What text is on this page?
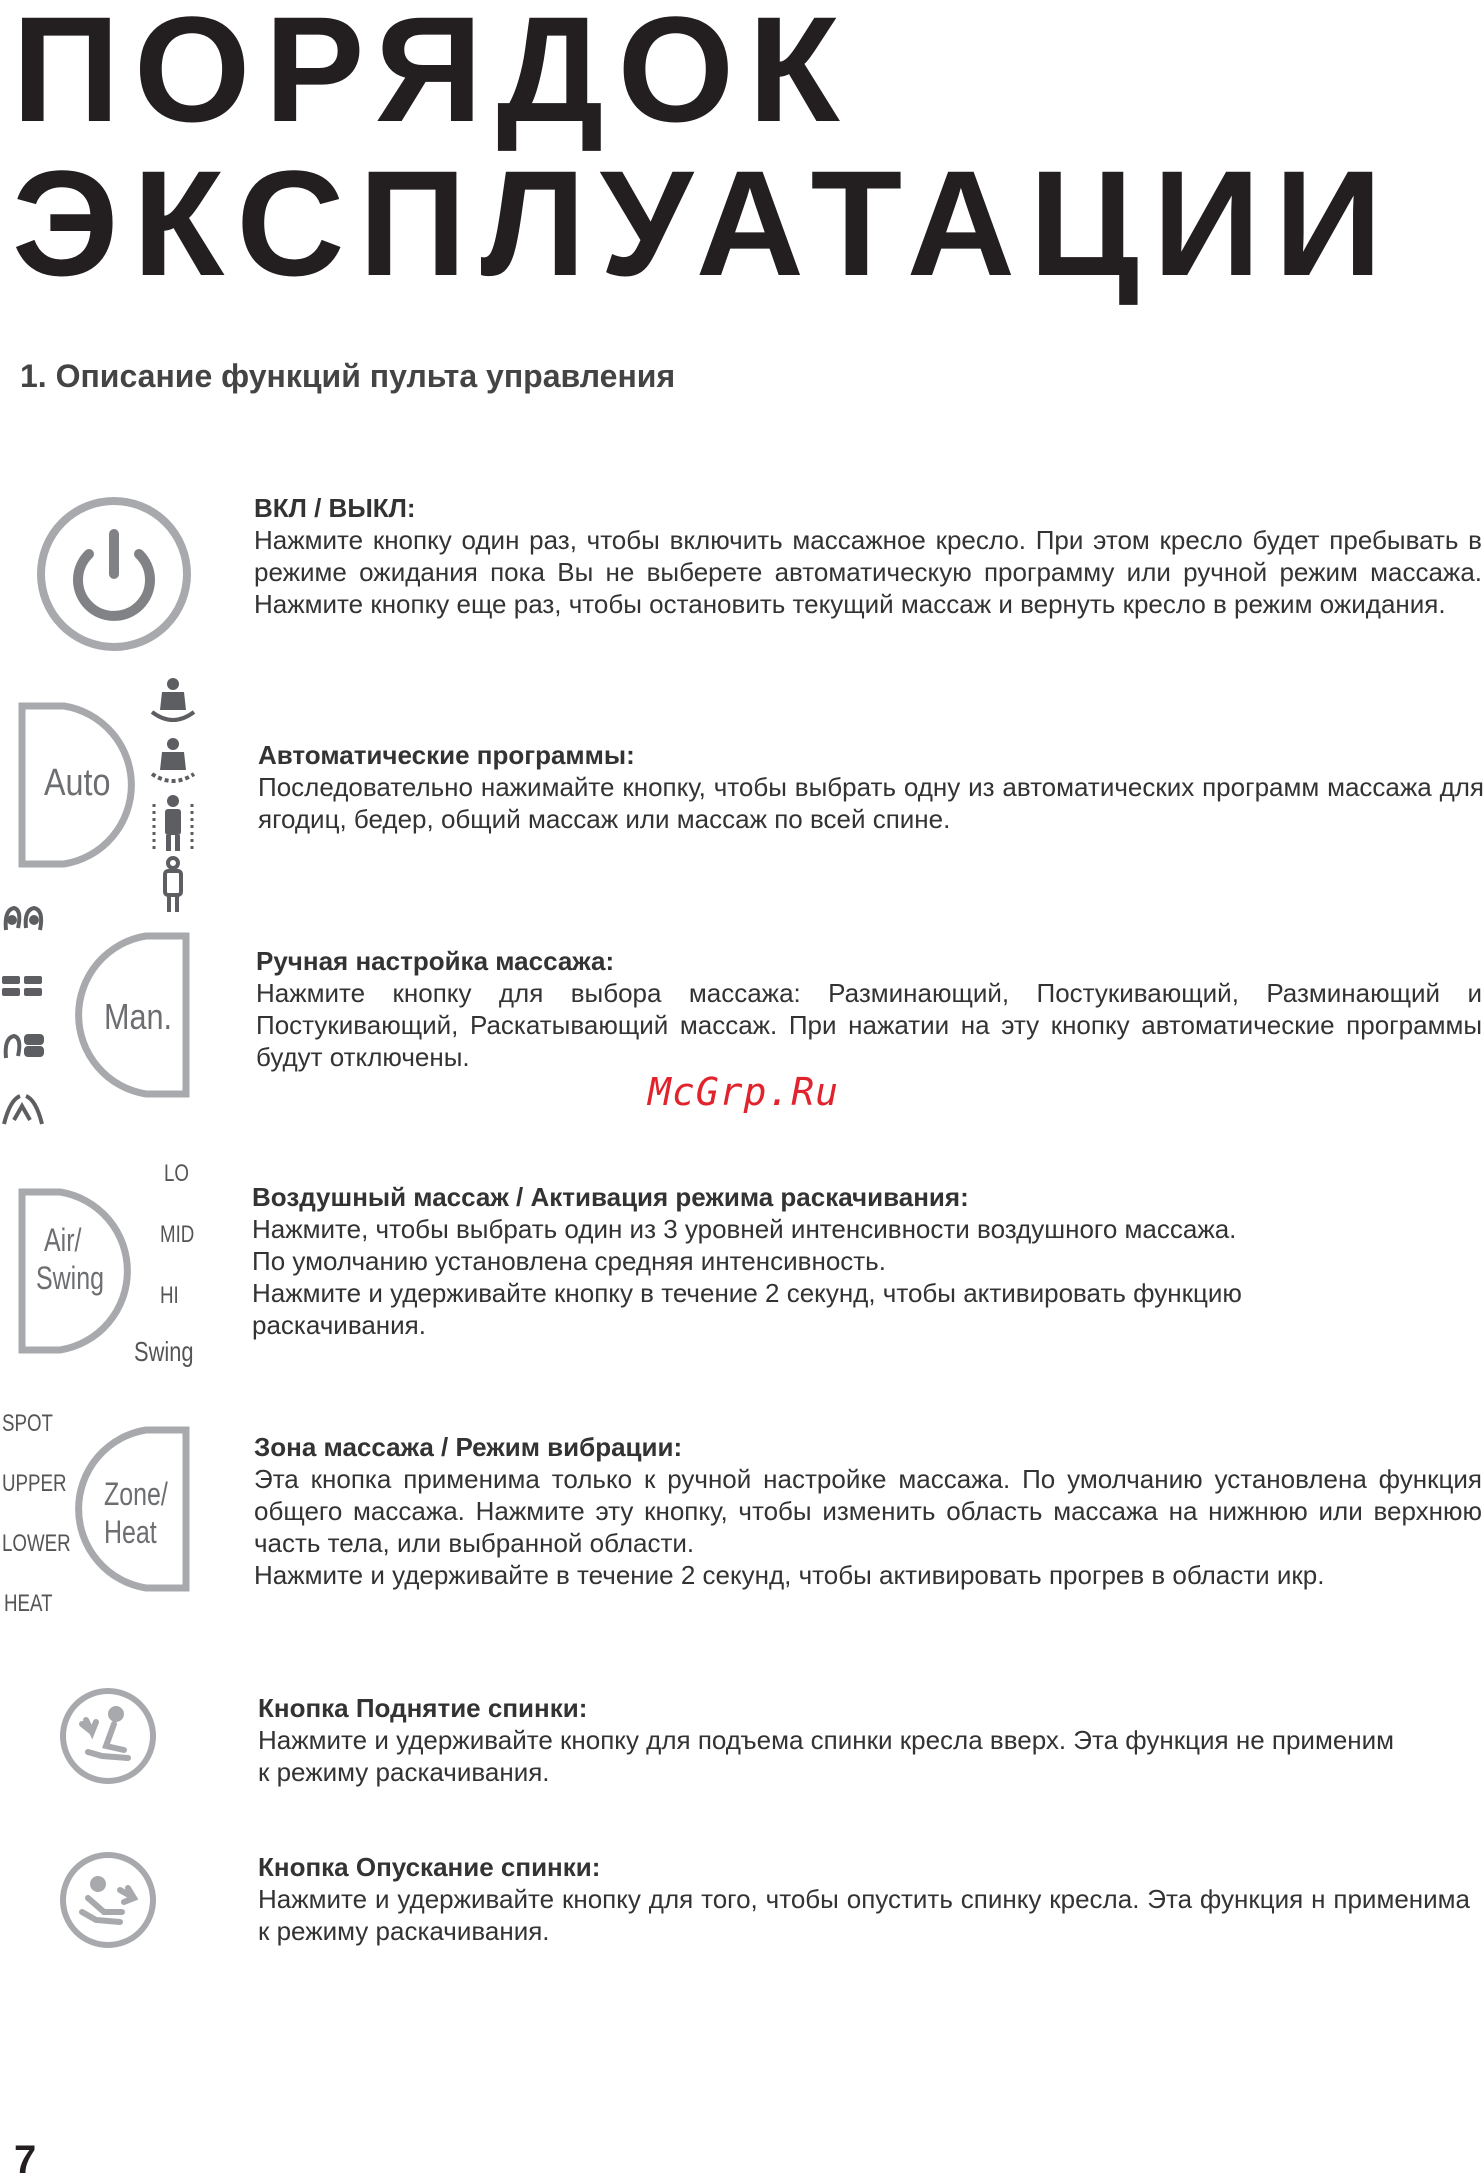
ПОРЯДОК
ЭКСПЛУАТАЦИИ
1. Описание функций пульта управления
ВКЛ / ВЫКЛ:
Нажмите кнопку один раз, чтобы включить массажное кресло. При этом кресло будет пребывать в режиме ожидания пока Вы не выберете автоматическую программу или ручной режим массажа. Нажмите кнопку еще раз, чтобы остановить текущий массаж и вернуть кресло в режим ожидания.
Auto
Автоматические программы:
Последовательно нажимайте кнопку, чтобы выбрать одну из автоматических программ массажа для ягодиц, бедер, общий массаж или массаж по всей спине.
Man.
Ручная настройка массажа:
Нажмите кнопку для выбора массажа: Разминающий, Постукивающий, Разминающий и Постукивающий, Раскатывающий массаж. При нажатии на эту кнопку автоматические программы будут отключены.
McGrp.Ru
Air/
Swing
LO
MID
HI
Swing
Воздушный массаж / Активация режима раскачивания:
Нажмите, чтобы выбрать один из 3 уровней интенсивности воздушного массажа.
По умолчанию установлена средняя интенсивность.
Нажмите и удерживайте кнопку в течение 2 секунд, чтобы активировать функцию
раскачивания.
Zone/
Heat
SPOT
UPPER
LOWER
HEAT
Зона массажа / Режим вибрации:
Эта кнопка применима только к ручной настройке массажа. По умолчанию установлена функция общего массажа. Нажмите эту кнопку, чтобы изменить область массажа на нижнюю или верхнюю часть тела, или выбранной области.
Нажмите и удерживайте в течение 2 секунд, чтобы активировать прогрев в области икр.
Кнопка Поднятие спинки:
Нажмите и удерживайте кнопку для подъема спинки кресла вверх. Эта функция не применим
к режиму раскачивания.
Кнопка Опускание спинки:
Нажмите и удерживайте кнопку для того, чтобы опустить спинку кресла. Эта функция н применима к режиму раскачивания.
7
